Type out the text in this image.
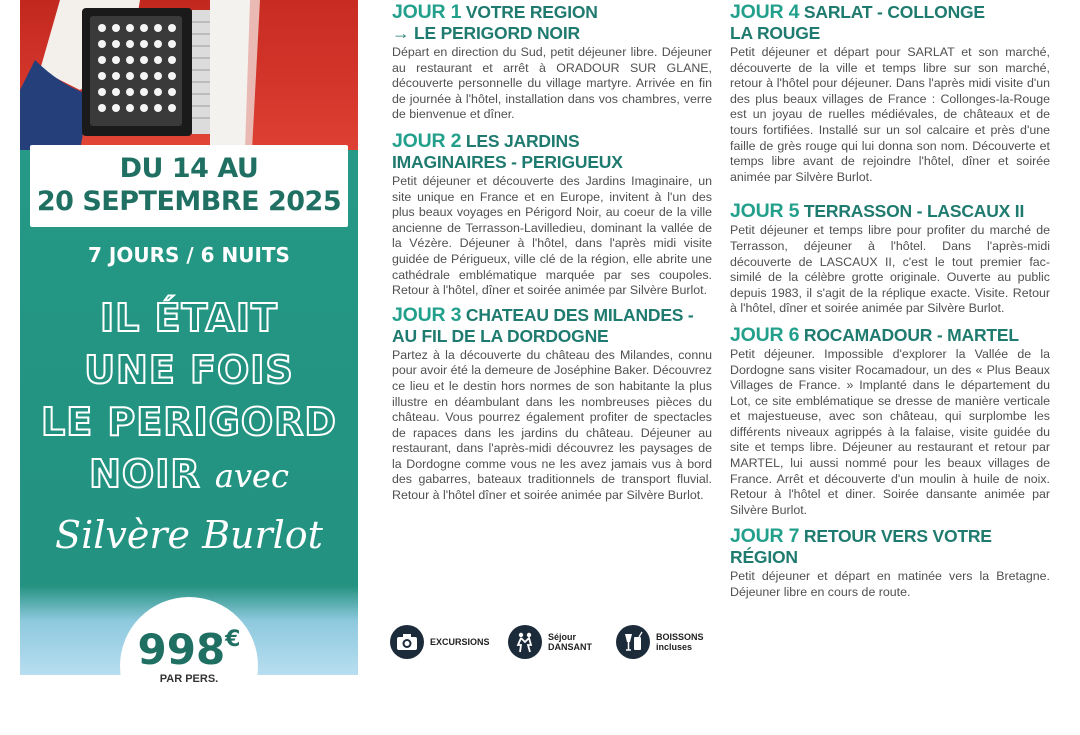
DU 14 AU
20 SEPTEMBRE 2025
7 JOURS / 6 NUITS
IL ÉTAIT
UNE FOIS
LE PERIGORD
NOIR avec
Silvère Burlot
998€
PAR PERS.
JOUR 1 VOTRE REGION
→ LE PERIGORD NOIR
Départ en direction du Sud, petit déjeuner libre. Déjeuner au restaurant et arrêt à ORADOUR SUR GLANE, découverte personnelle du village martyre. Arrivée en fin de journée à l'hôtel, installation dans vos chambres, verre de bienvenue et dîner.
JOUR 2 LES JARDINS
IMAGINAIRES - PERIGUEUX
Petit déjeuner et découverte des Jardins Imaginaire, un site unique en France et en Europe, invitent à l'un des plus beaux voyages en Périgord Noir, au coeur de la ville ancienne de Terrasson-Lavilledieu, dominant la vallée de la Vézère. Déjeuner à l'hôtel, dans l'après midi visite guidée de Périgueux, ville clé de la région, elle abrite une cathédrale emblématique marquée par ses coupoles. Retour à l'hôtel, dîner et soirée animée par Silvère Burlot.
JOUR 3 CHATEAU DES MILANDES -
AU FIL DE LA DORDOGNE
Partez à la découverte du château des Milandes, connu pour avoir été la demeure de Joséphine Baker. Découvrez ce lieu et le destin hors normes de son habitante la plus illustre en déambulant dans les nombreuses pièces du château. Vous pourrez également profiter de spectacles de rapaces dans les jardins du château. Déjeuner au restaurant, dans l'après-midi découvrez les paysages de la Dordogne comme vous ne les avez jamais vus à bord des gabarres, bateaux traditionnels de transport fluvial. Retour à l'hôtel dîner et soirée animée par Silvère Burlot.
EXCURSIONS	Séjour
DANSANT
BOISSONS
incluses
JOUR 4 SARLAT - COLLONGE
LA ROUGE
Petit déjeuner et départ pour SARLAT et son marché, découverte de la ville et temps libre sur son marché, retour à l'hôtel pour déjeuner. Dans l'après midi visite d'un des plus beaux villages de France : Collonges-la-Rouge est un joyau de ruelles médiévales, de châteaux et de tours fortifiées. Installé sur un sol calcaire et près d'une faille de grès rouge qui lui donna son nom. Découverte et temps libre avant de rejoindre l'hôtel, dîner et soirée animée par Silvère Burlot.
JOUR 5 TERRASSON - LASCAUX II
Petit déjeuner et temps libre pour profiter du marché de Terrasson, déjeuner à l'hôtel. Dans l'après-midi découverte de LASCAUX II, c'est le tout premier fac-similé de la célèbre grotte originale. Ouverte au public depuis 1983, il s'agit de la réplique exacte. Visite. Retour à l'hôtel, dîner et soirée animée par Silvère Burlot.
JOUR 6 ROCAMADOUR - MARTEL
Petit déjeuner. Impossible d'explorer la Vallée de la Dordogne sans visiter Rocamadour, un des « Plus Beaux Villages de France. » Implanté dans le département du Lot, ce site emblématique se dresse de manière verticale et majestueuse, avec son château, qui surplombe les différents niveaux agrippés à la falaise, visite guidée du site et temps libre. Déjeuner au restaurant et retour par MARTEL, lui aussi nommé pour les beaux villages de France. Arrêt et découverte d'un moulin à huile de noix. Retour à l'hôtel et diner. Soirée dansante animée par Silvère Burlot.
JOUR 7 RETOUR VERS VOTRE RÉGION
Petit déjeuner et départ en matinée vers la Bretagne. Déjeuner libre en cours de route.
